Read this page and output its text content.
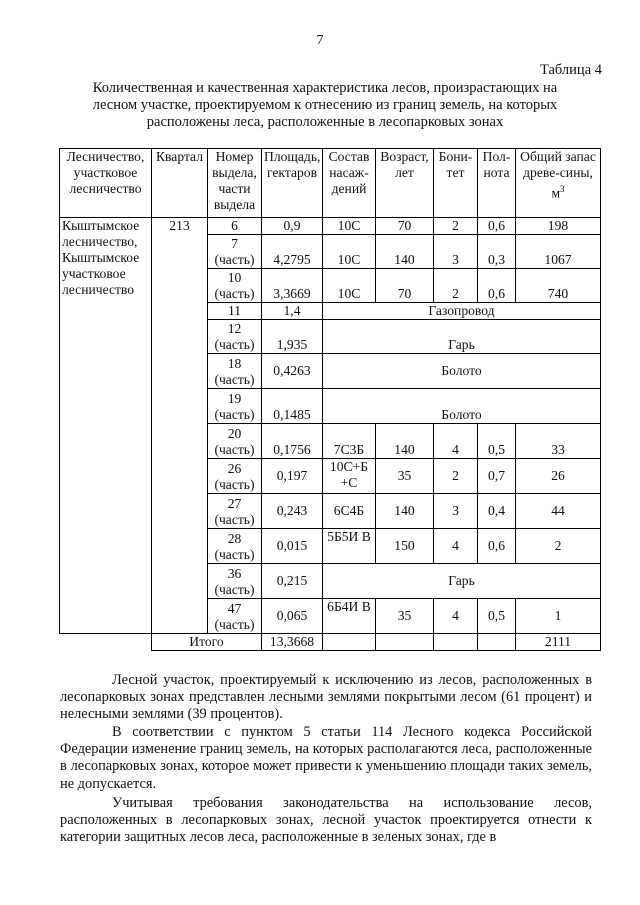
7
Таблица 4
Количественная и качественная характеристика лесов, произрастающих на лесном участке, проектируемом к отнесению из границ земель, на которых расположены леса, расположенные в лесопарковых зонах
Лесничество, участковое лесничество	Квартал	Номер выдела, части выдела	Площадь, гектаров	Состав насаж-дений	Возраст, лет	Бони-тет	Пол-нота	Общий запас древе-сины, $м^3$
Кыштымское лесничество, Кыштымское участковое лесничество	213	6	0,9	10С	70	2	0,6	198
		7 (часть)	4,2795	10С	140	3	0,3	1067
		10 (часть)	3,3669	10С	70	2	0,6	740
		11	1,4	Газопровод				
		12 (часть)	1,935	Гарь				
		18 (часть)	0,4263	Болото				
		19 (часть)	0,1485	Болото				
		20 (часть)	0,1756	7С3Б	140	4	0,5	33
		26 (часть)	0,197	10С+Б +С	35	2	0,7	26
		27 (часть)	0,243	6С4Б	140	3	0,4	44
		28 (часть)	0,015	5Б5И В	150	4	0,6	2
		36 (часть)	0,215	Гарь				
		47 (часть)	0,065	6Б4И В	35	4	0,5	1
	Итого		13,3668					2111
Лесной участок, проектируемый к исключению из лесов, расположенных в лесопарковых зонах представлен лесными землями покрытыми лесом (61 процент) и нелесными землями (39 процентов).
В соответствии с пунктом 5 статьи 114 Лесного кодекса Российской Федерации изменение границ земель, на которых располагаются леса, расположенные в лесопарковых зонах, которое может привести к уменьшению площади таких земель, не допускается.
Учитывая требования законодательства на использование лесов, расположенных в лесопарковых зонах, лесной участок проектируется отнести к категории защитных лесов леса, расположенные в зеленых зонах, где в
